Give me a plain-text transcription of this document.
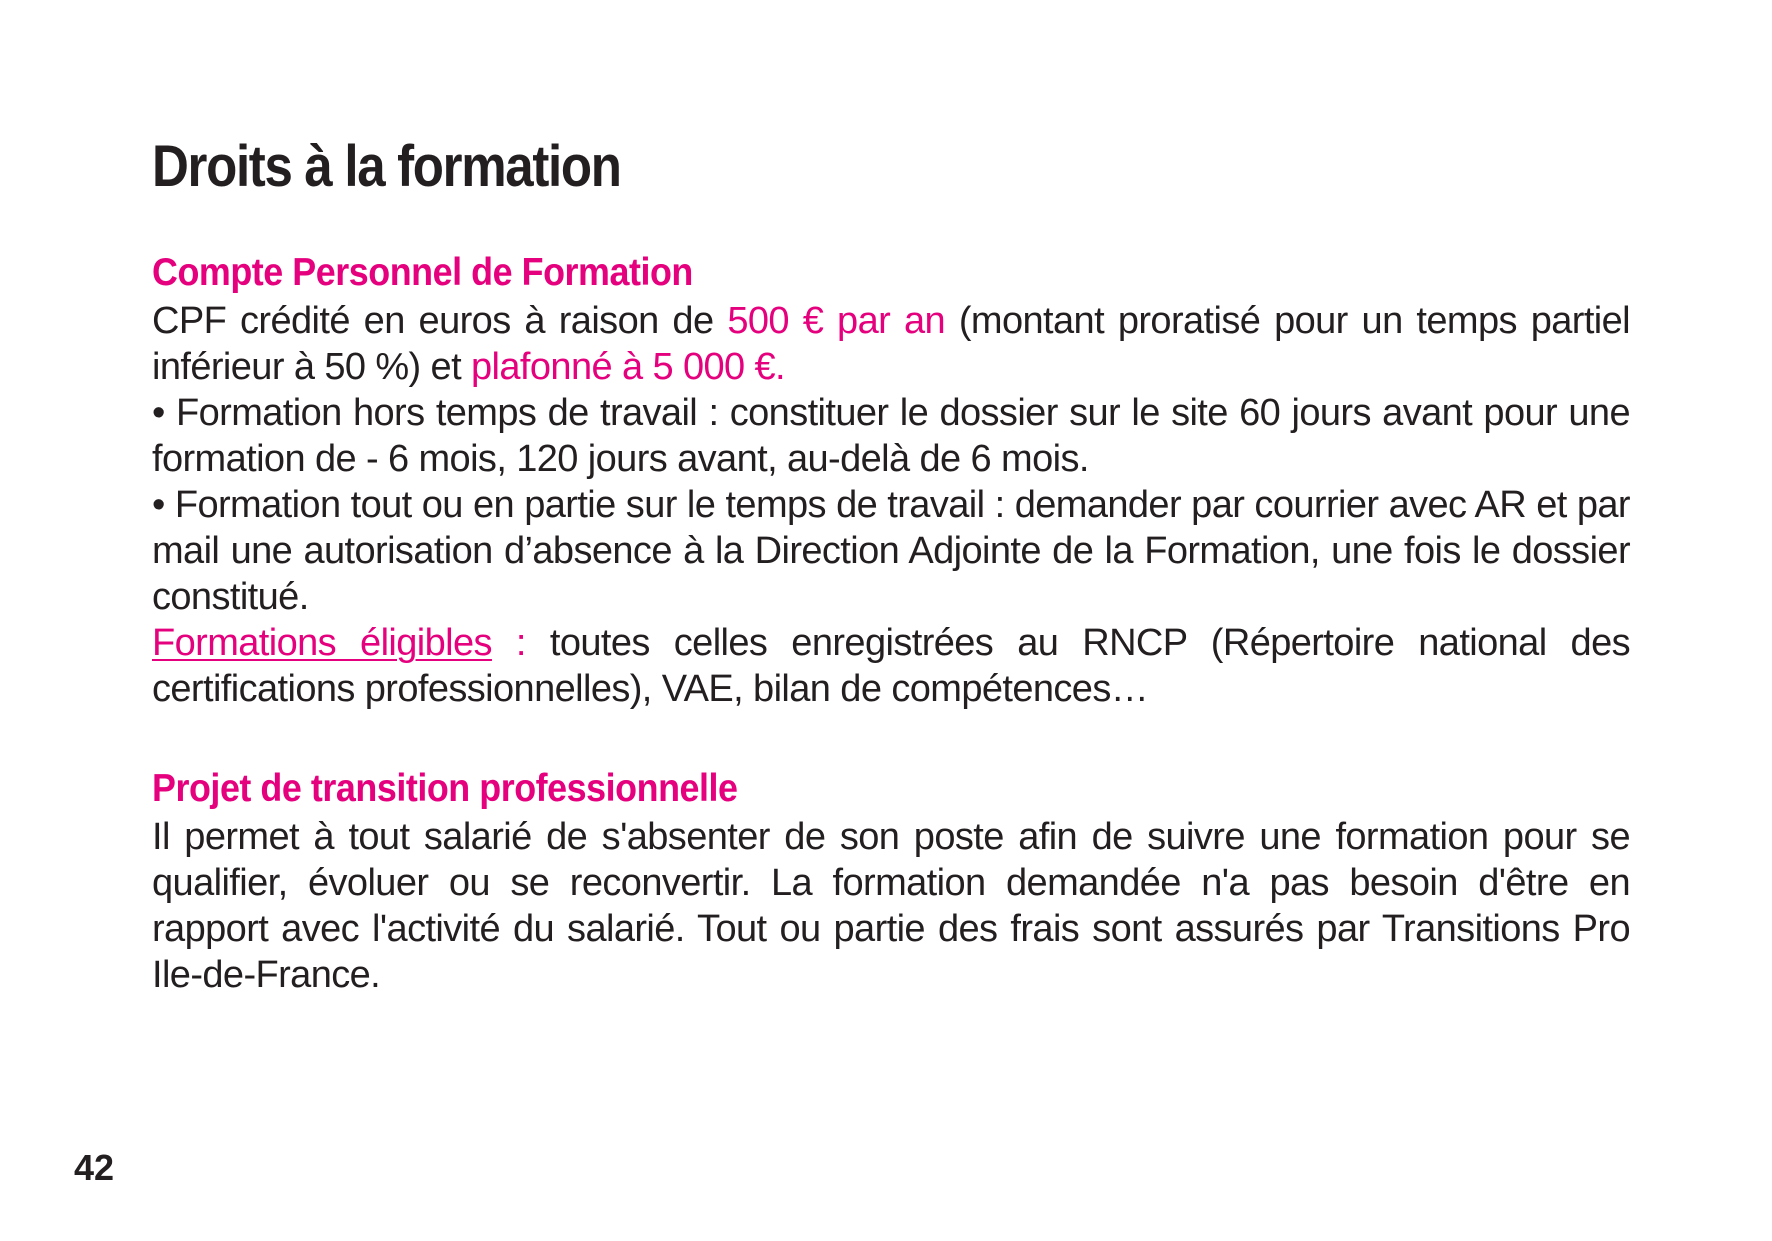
Droits à la formation
Compte Personnel de Formation

CPF crédité en euros à raison de 500 € par an (montant proratisé pour un temps partiel inférieur à 50 %) et plafonné à 5 000 €.

• Formation hors temps de travail : constituer le dossier sur le site 60 jours avant pour une formation de - 6 mois, 120 jours avant, au-delà de 6 mois.

• Formation tout ou en partie sur le temps de travail : demander par courrier avec AR et par mail une autorisation d’absence à la Direction Adjointe de la Formation, une fois le dossier constitué.

Formations éligibles : toutes celles enregistrées au RNCP (Répertoire national des certifications professionnelles), VAE, bilan de compétences…

Projet de transition professionnelle

Il permet à tout salarié de s'absenter de son poste afin de suivre une formation pour se qualifier, évoluer ou se reconvertir. La formation demandée n'a pas besoin d'être en rapport avec l'activité du salarié. Tout ou partie des frais sont assurés par Transitions Pro Ile-de-France.

42
